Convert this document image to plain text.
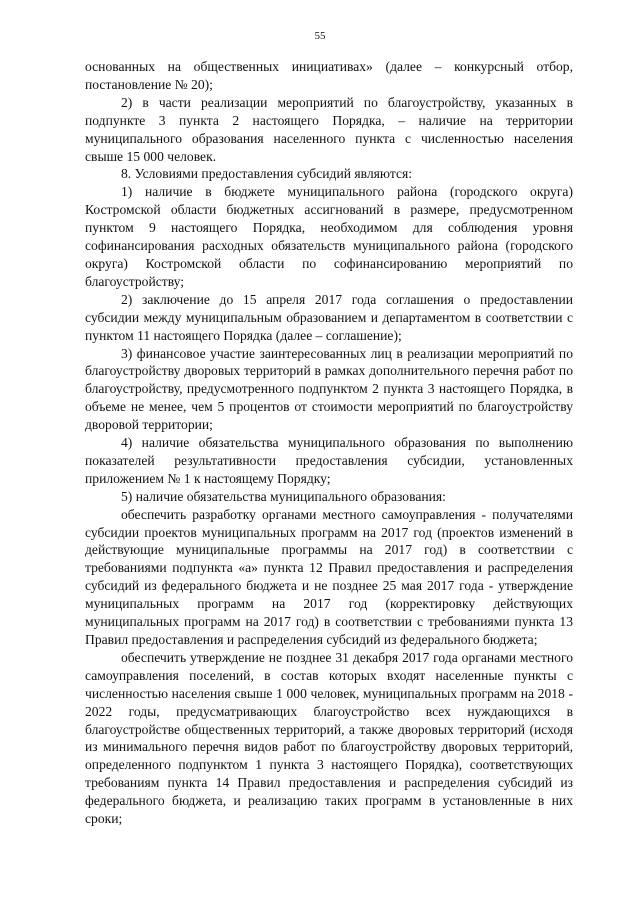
55

основанных на общественных инициативах» (далее – конкурсный отбор, постановление № 20);

2) в части реализации мероприятий по благоустройству, указанных в подпункте 3 пункта 2 настоящего Порядка, – наличие на территории муниципального образования населенного пункта с численностью населения свыше 15 000 человек.

8. Условиями предоставления субсидий являются:

1) наличие в бюджете муниципального района (городского округа) Костромской области бюджетных ассигнований в размере, предусмотренном пунктом 9 настоящего Порядка, необходимом для соблюдения уровня софинансирования расходных обязательств муниципального района (городского округа) Костромской области по софинансированию мероприятий по благоустройству;

2) заключение до 15 апреля 2017 года соглашения о предоставлении субсидии между муниципальным образованием и департаментом в соответствии с пунктом 11 настоящего Порядка (далее – соглашение);

3) финансовое участие заинтересованных лиц в реализации мероприятий по благоустройству дворовых территорий в рамках дополнительного перечня работ по благоустройству, предусмотренного подпунктом 2 пункта 3 настоящего Порядка, в объеме не менее, чем 5 процентов от стоимости мероприятий по благоустройству дворовой территории;

4) наличие обязательства муниципального образования по выполнению показателей результативности предоставления субсидии, установленных приложением № 1 к настоящему Порядку;

5) наличие обязательства муниципального образования:

обеспечить разработку органами местного самоуправления - получателями субсидии проектов муниципальных программ на 2017 год (проектов изменений в действующие муниципальные программы на 2017 год) в соответствии с требованиями подпункта «а» пункта 12 Правил предоставления и распределения субсидий из федерального бюджета и не позднее 25 мая 2017 года - утверждение муниципальных программ на 2017 год (корректировку действующих муниципальных программ на 2017 год) в соответствии с требованиями пункта 13 Правил предоставления и распределения субсидий из федерального бюджета;

обеспечить утверждение не позднее 31 декабря 2017 года органами местного самоуправления поселений, в состав которых входят населенные пункты с численностью населения свыше 1 000 человек, муниципальных программ на 2018 - 2022 годы, предусматривающих благоустройство всех нуждающихся в благоустройстве общественных территорий, а также дворовых территорий (исходя из минимального перечня видов работ по благоустройству дворовых территорий, определенного подпунктом 1 пункта 3 настоящего Порядка), соответствующих требованиям пункта 14 Правил предоставления и распределения субсидий из федерального бюджета, и реализацию таких программ в установленные в них сроки;
